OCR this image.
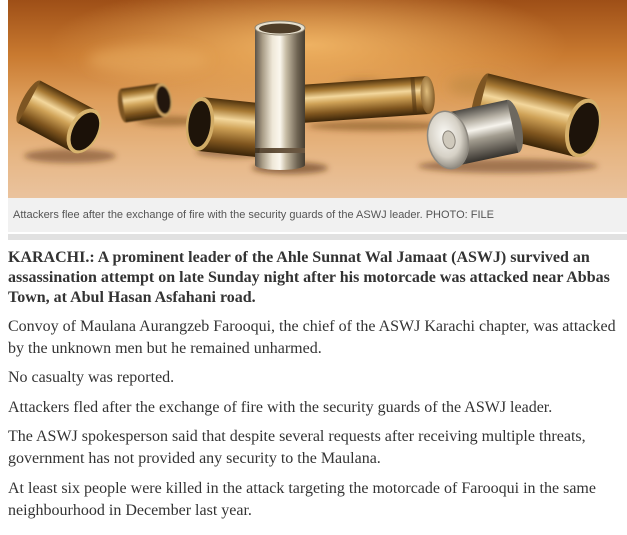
Attackers flee after the exchange of fire with the security guards of the ASWJ leader. PHOTO: FILE

KARACHI.: A prominent leader of the Ahle Sunnat Wal Jamaat (ASWJ) survived an assassination attempt on late Sunday night after his motorcade was attacked near Abbas Town, at Abul Hasan Asfahani road.

Convoy of Maulana Aurangzeb Farooqui, the chief of the ASWJ Karachi chapter, was attacked by the unknown men but he remained unharmed.

No casualty was reported.

Attackers fled after the exchange of fire with the security guards of the ASWJ leader.

The ASWJ spokesperson said that despite several requests after receiving multiple threats, government has not provided any security to the Maulana.

At least six people were killed in the attack targeting the motorcade of Farooqui in the same neighbourhood in December last year.
